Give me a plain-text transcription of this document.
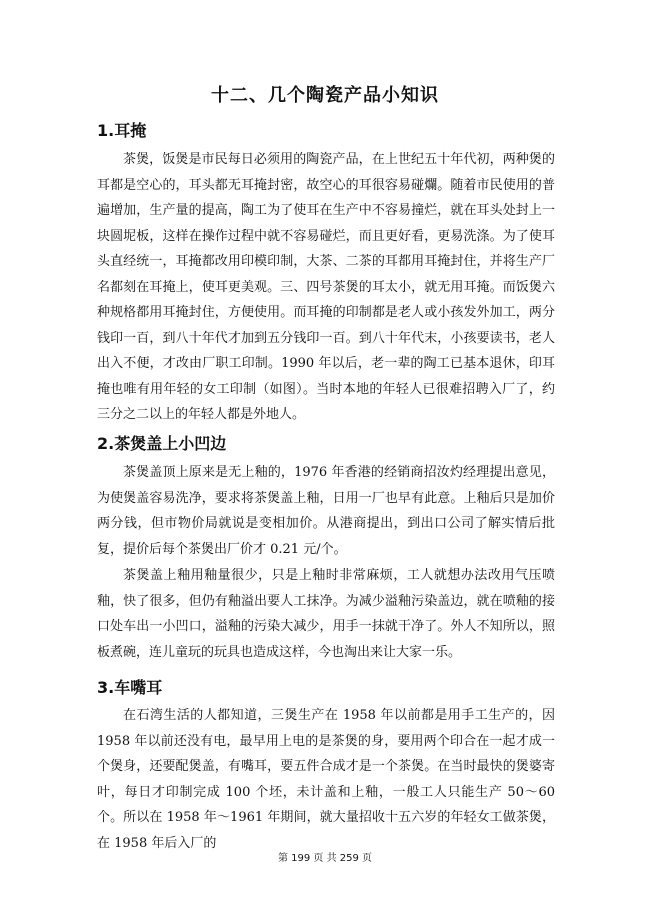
十二、几个陶瓷产品小知识
1.耳掩

茶煲，饭煲是市民每日必须用的陶瓷产品，在上世纪五十年代初，两种煲的耳都是空心的，耳头都无耳掩封密，故空心的耳很容易碰爛。随着市民使用的普遍增加，生产量的提高，陶工为了使耳在生产中不容易撞烂，就在耳头处封上一块圆坭板，这样在操作过程中就不容易碰烂，而且更好看，更易洗涤。为了使耳头直经统一，耳掩都改用印模印制，大茶、二茶的耳都用耳掩封住，并将生产厂名都刻在耳掩上，使耳更美观。三、四号茶煲的耳太小，就无用耳掩。而饭煲六种规格都用耳掩封住，方便使用。而耳掩的印制都是老人或小孩发外加工，两分钱印一百，到八十年代才加到五分钱印一百。到八十年代末，小孩要读书，老人出入不便，才改由厂职工印制。1990 年以后，老一辈的陶工已基本退休，印耳掩也唯有用年轻的女工印制（如图）。当时本地的年轻人已很难招聘入厂了，约三分之二以上的年轻人都是外地人。

2.茶煲盖上小凹边

茶煲盖顶上原来是无上釉的，1976 年香港的经销商招汝灼经理提出意见，为使煲盖容易洗净，要求将茶煲盖上釉，日用一厂也早有此意。上釉后只是加价两分钱，但市物价局就说是变相加价。从港商提出，到出口公司了解实情后批复，提价后每个茶煲出厂价才 0.21 元/个。

茶煲盖上釉用釉量很少，只是上釉时非常麻烦，工人就想办法改用气压喷釉，快了很多，但仍有釉溢出要人工抹净。为减少溢釉污染盖边，就在喷釉的接口处车出一小凹口，溢釉的污染大减少，用手一抹就干净了。外人不知所以，照板煮碗，连儿童玩的玩具也造成这样，今也淘出来让大家一乐。

3.车嘴耳

在石湾生活的人都知道，三煲生产在 1958 年以前都是用手工生产的，因 1958 年以前还没有电，最早用上电的是茶煲的身，要用两个印合在一起才成一个煲身，还要配煲盖，有嘴耳，要五件合成才是一个茶煲。在当时最快的煲婆寄叶，每日才印制完成 100 个坯，未计盖和上釉，一般工人只能生产 50～60 个。所以在 1958 年～1961 年期间，就大量招收十五六岁的年轻女工做茶煲，在 1958 年后入厂的

第 199 页 共 259 页
